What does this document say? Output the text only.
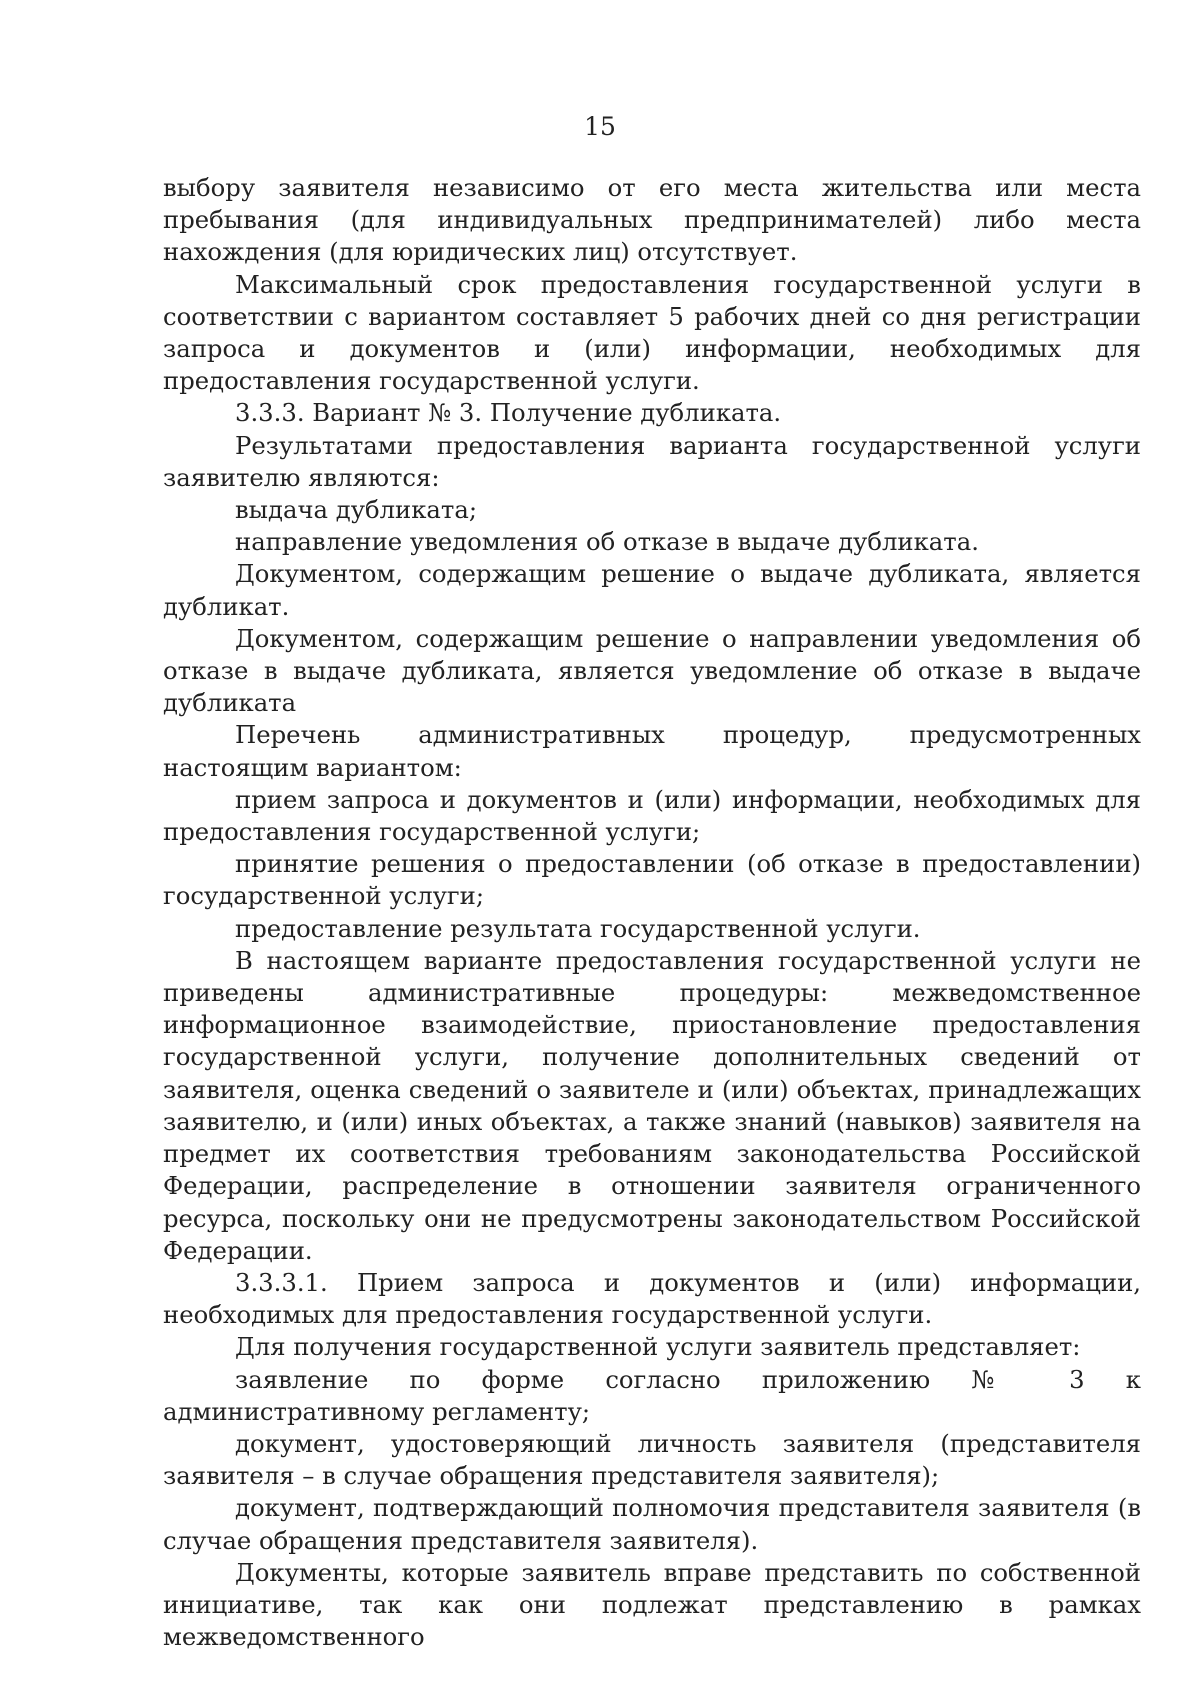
15

выбору заявителя независимо от его места жительства или места пребывания (для индивидуальных предпринимателей) либо места нахождения (для юридических лиц) отсутствует.

Максимальный срок предоставления государственной услуги в соответствии с вариантом составляет 5 рабочих дней со дня регистрации запроса и документов и (или) информации, необходимых для предоставления государственной услуги.

3.3.3. Вариант № 3. Получение дубликата.

Результатами предоставления варианта государственной услуги заявителю являются:

выдача дубликата;

направление уведомления об отказе в выдаче дубликата.

Документом, содержащим решение о выдаче дубликата, является дубликат.

Документом, содержащим решение о направлении уведомления об отказе в выдаче дубликата, является уведомление об отказе в выдаче дубликата

Перечень административных процедур, предусмотренных настоящим вариантом:

прием запроса и документов и (или) информации, необходимых для предоставления государственной услуги;

принятие решения о предоставлении (об отказе в предоставлении) государственной услуги;

предоставление результата государственной услуги.

В настоящем варианте предоставления государственной услуги не приведены административные процедуры: межведомственное информационное взаимодействие, приостановление предоставления государственной услуги, получение дополнительных сведений от заявителя, оценка сведений о заявителе и (или) объектах, принадлежащих заявителю, и (или) иных объектах, а также знаний (навыков) заявителя на предмет их соответствия требованиям законодательства Российской Федерации, распределение в отношении заявителя ограниченного ресурса, поскольку они не предусмотрены законодательством Российской Федерации.

3.3.3.1. Прием запроса и документов и (или) информации, необходимых для предоставления государственной услуги.

Для получения государственной услуги заявитель представляет:

заявление по форме согласно приложению № 3 к административному регламенту;

документ, удостоверяющий личность заявителя (представителя заявителя – в случае обращения представителя заявителя);

документ, подтверждающий полномочия представителя заявителя (в случае обращения представителя заявителя).

Документы, которые заявитель вправе представить по собственной инициативе, так как они подлежат представлению в рамках межведомственного
